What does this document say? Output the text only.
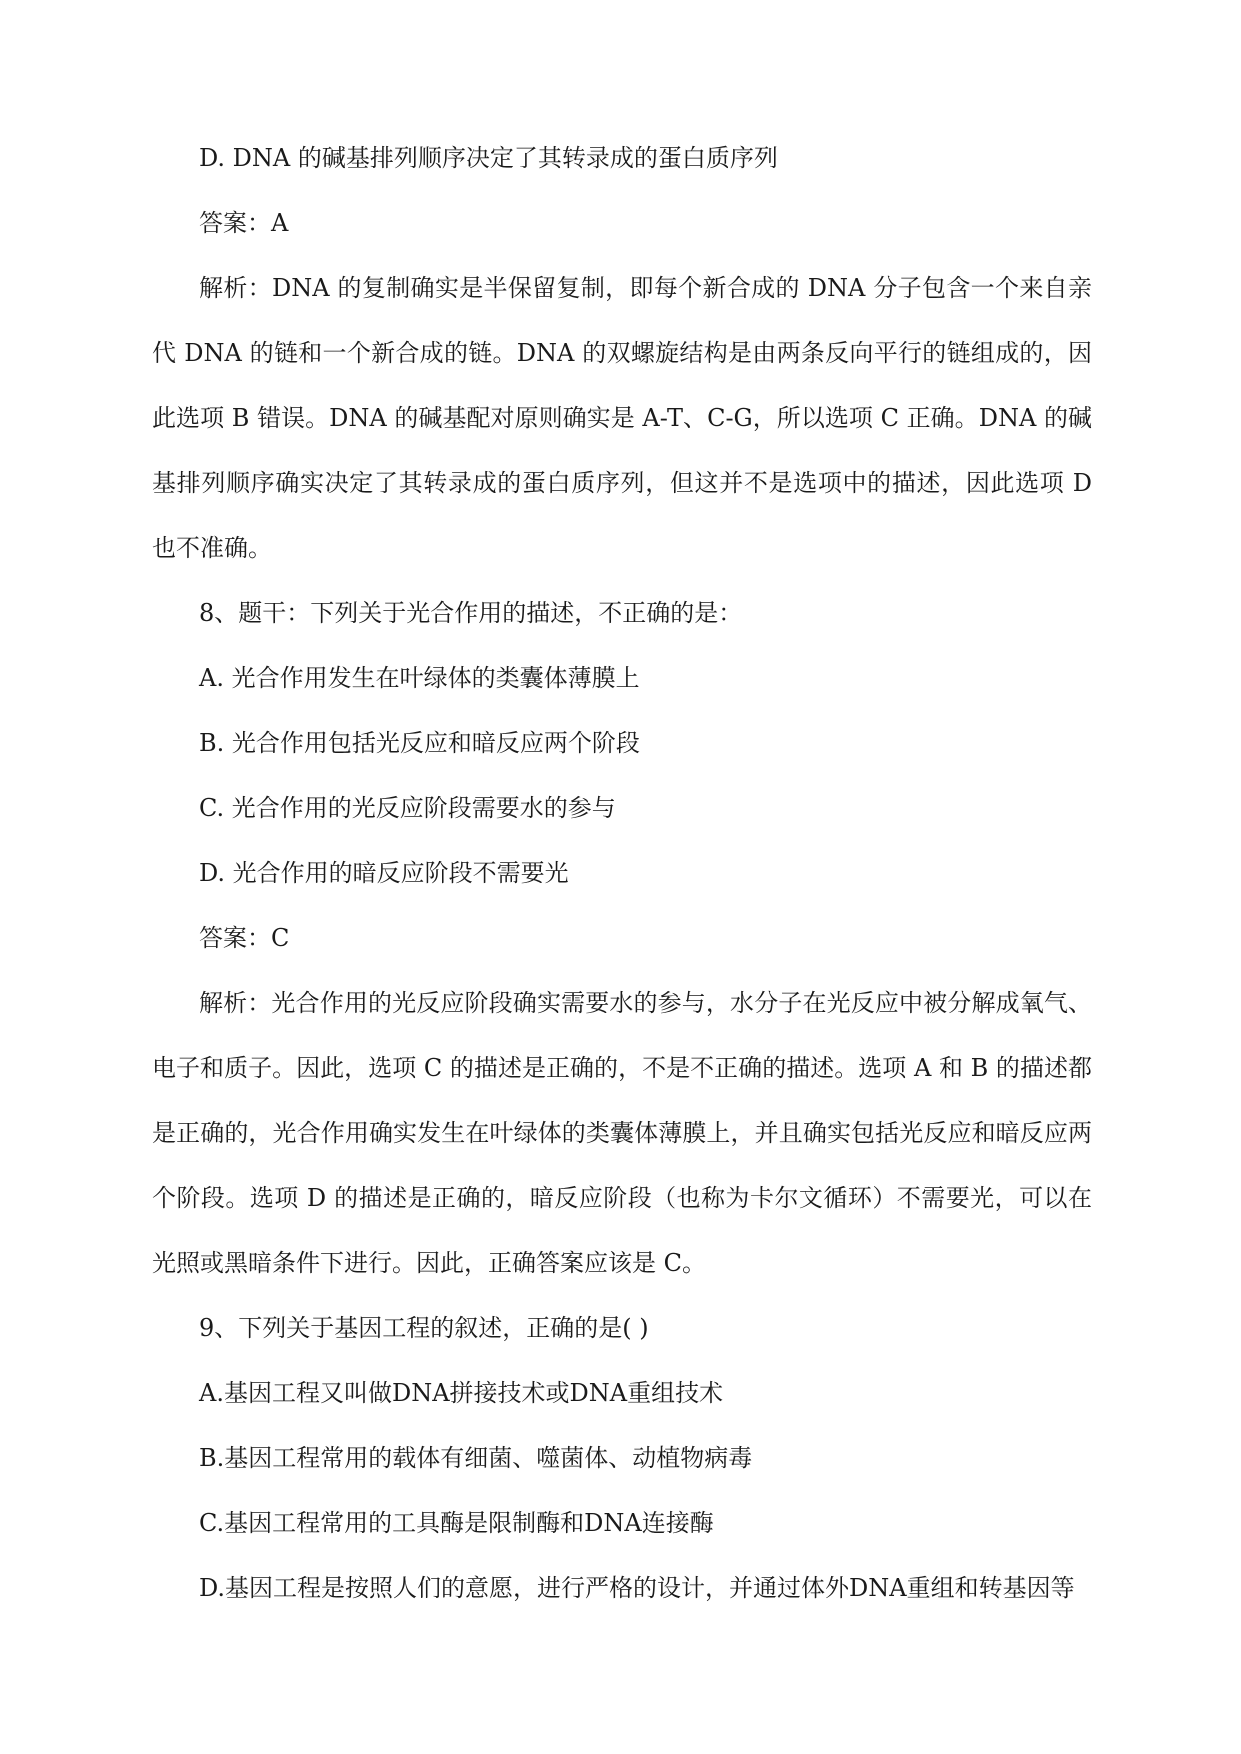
D. DNA 的碱基排列顺序决定了其转录成的蛋白质序列
答案：A

解析：DNA 的复制确实是半保留复制，即每个新合成的 DNA 分子包含一个来自亲代 DNA 的链和一个新合成的链。DNA 的双螺旋结构是由两条反向平行的链组成的，因此选项 B 错误。DNA 的碱基配对原则确实是 A-T、C-G，所以选项 C 正确。DNA 的碱基排列顺序确实决定了其转录成的蛋白质序列，但这并不是选项中的描述，因此选项 D 也不准确。

8、题干：下列关于光合作用的描述，不正确的是：
A. 光合作用发生在叶绿体的类囊体薄膜上
B. 光合作用包括光反应和暗反应两个阶段
C. 光合作用的光反应阶段需要水的参与
D. 光合作用的暗反应阶段不需要光
答案：C

解析：光合作用的光反应阶段确实需要水的参与，水分子在光反应中被分解成氧气、电子和质子。因此，选项 C 的描述是正确的，不是不正确的描述。选项 A 和 B 的描述都是正确的，光合作用确实发生在叶绿体的类囊体薄膜上，并且确实包括光反应和暗反应两个阶段。选项 D 的描述是正确的，暗反应阶段（也称为卡尔文循环）不需要光，可以在光照或黑暗条件下进行。因此，正确答案应该是 C。

9、下列关于基因工程的叙述，正确的是( )
A.基因工程又叫做DNA拼接技术或DNA重组技术
B.基因工程常用的载体有细菌、噬菌体、动植物病毒
C.基因工程常用的工具酶是限制酶和DNA连接酶
D.基因工程是按照人们的意愿，进行严格的设计，并通过体外DNA重组和转基因等
